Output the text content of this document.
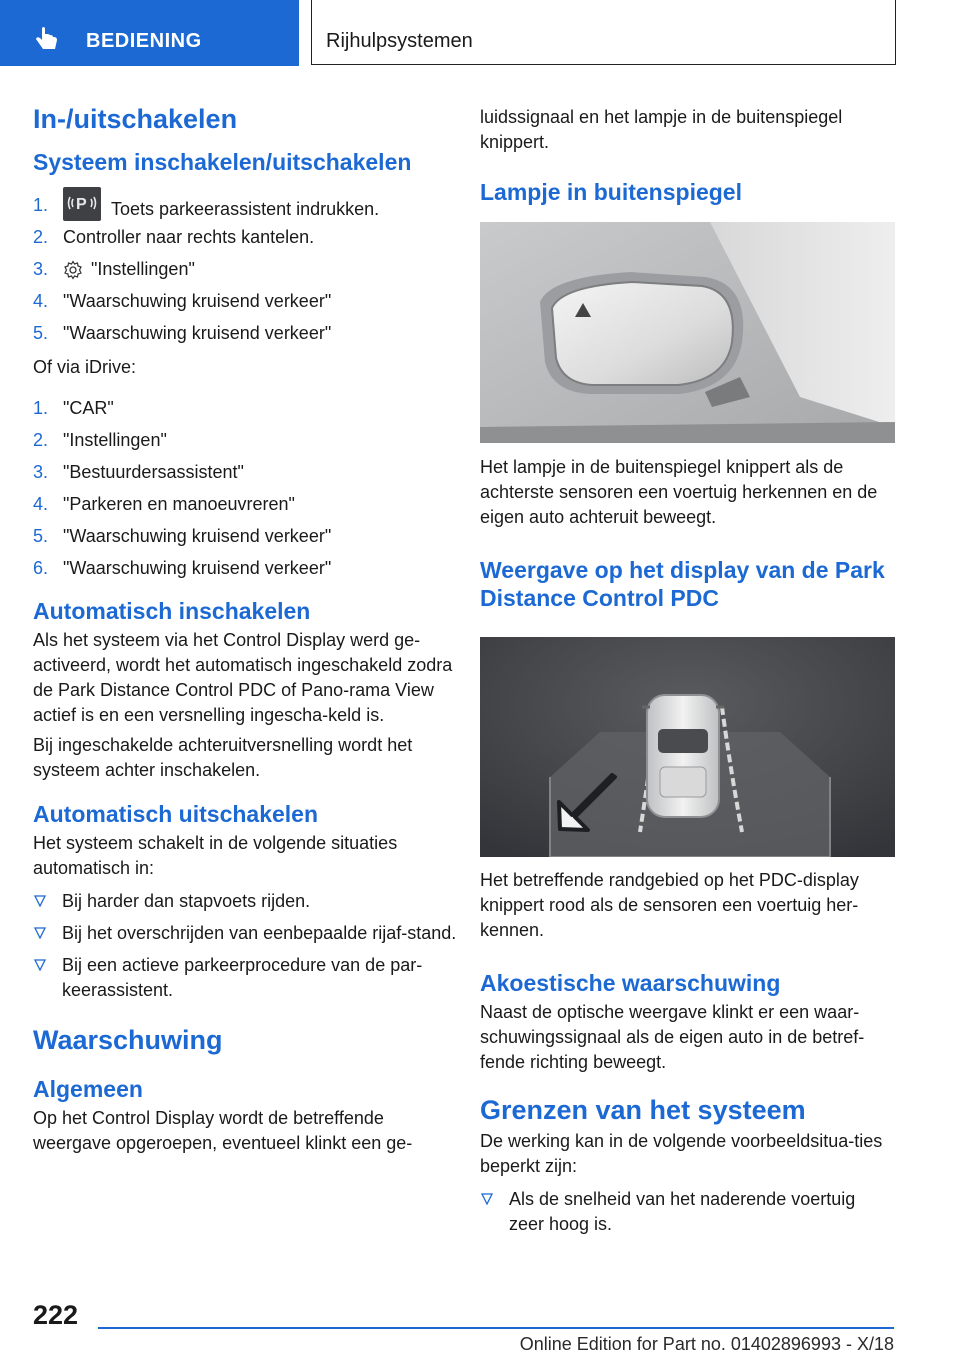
BEDIENING	Rijhulpsystemen
In-/uitschakelen
Systeem inschakelen/uitschakelen
1. P Toets parkeerassistent indrukken.
2. Controller naar rechts kantelen.
3. "Instellingen"
4. "Waarschuwing kruisend verkeer"
5. "Waarschuwing kruisend verkeer"

Of via iDrive:

1. "CAR"
2. "Instellingen"
3. "Bestuurdersassistent"
4. "Parkeren en manoeuvreren"
5. "Waarschuwing kruisend verkeer"
6. "Waarschuwing kruisend verkeer"
Automatisch inschakelen

Als het systeem via het Control Display werd ge-activeerd, wordt het automatisch ingeschakeld zodra de Park Distance Control PDC of Pano-rama View actief is en een versnelling ingescha-keld is.

Bij ingeschakelde achteruitversnelling wordt het systeem achter inschakelen.

Automatisch uitschakelen

Het systeem schakelt in de volgende situaties automatisch in:

Bij harder dan stapvoets rijden.
Bij het overschrijden van eenbepaalde rijaf-stand.
Bij een actieve parkeerprocedure van de par-keerassistent.
Waarschuwing
Algemeen

Op het Control Display wordt de betreffende weergave opgeroepen, eventueel klinkt een ge-

luidssignaal en het lampje in de buitenspiegel knippert.

Lampje in buitenspiegel

Het lampje in de buitenspiegel knippert als de achterste sensoren een voertuig herkennen en de eigen auto achteruit beweegt.

Weergave op het display van de Park Distance Control PDC

Het betreffende randgebied op het PDC-display knippert rood als de sensoren een voertuig her-kennen.

Akoestische waarschuwing

Naast de optische weergave klinkt er een waar-schuwingssignaal als de eigen auto in de betref-fende richting beweegt.

Grenzen van het systeem

De werking kan in de volgende voorbeeldsitua-ties beperkt zijn:

Als de snelheid van het naderende voertuig zeer hoog is.
222
Online Edition for Part no. 01402896993 - X/18
